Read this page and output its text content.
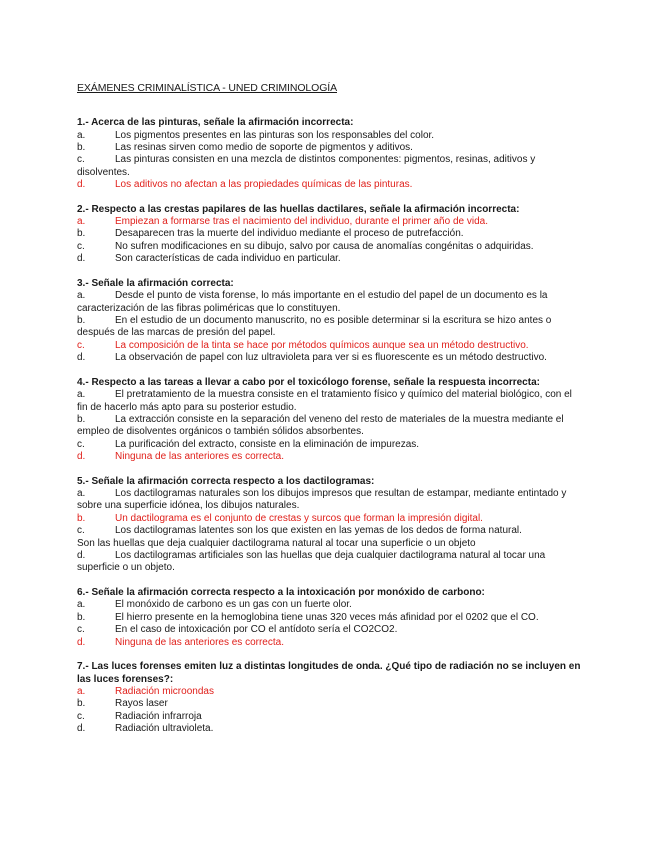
EXÁMENES CRIMINALÍSTICA - UNED CRIMINOLOGÍA
1.- Acerca de las pinturas, señale la afirmación incorrecta:
a.	Los pigmentos presentes en las pinturas son los responsables del color.
b.	Las resinas sirven como medio de soporte de pigmentos y aditivos.
c.	Las pinturas consisten en una mezcla de distintos componentes: pigmentos, resinas, aditivos y disolventes.
d.	Los aditivos no afectan a las propiedades químicas de las pinturas.
2.- Respecto a las crestas papilares de las huellas dactilares, señale la afirmación incorrecta:
a.	Empiezan a formarse tras el nacimiento del individuo, durante el primer año de vida.
b.	Desaparecen tras la muerte del individuo mediante el proceso de putrefacción.
c.	No sufren modificaciones en su dibujo, salvo por causa de anomalías congénitas o adquiridas.
d.	Son características de cada individuo en particular.
3.- Señale la afirmación correcta:
a.	Desde el punto de vista forense, lo más importante en el estudio del papel de un documento es la caracterización de las fibras poliméricas que lo constituyen.
b.	En el estudio de un documento manuscrito, no es posible determinar si la escritura se hizo antes o después de las marcas de presión del papel.
c.	La composición de la tinta se hace por métodos químicos aunque sea un método destructivo.
d.	La observación de papel con luz ultravioleta para ver si es fluorescente es un método destructivo.
4.- Respecto a las tareas a llevar a cabo por el toxicólogo forense, señale la respuesta incorrecta:
a.	El pretratamiento de la muestra consiste en el tratamiento físico y químico del material biológico, con el fin de hacerlo más apto para su posterior estudio.
b.	La extracción consiste en la separación del veneno del resto de materiales de la muestra mediante el empleo de disolventes orgánicos o también sólidos absorbentes.
c.	La purificación del extracto, consiste en la eliminación de impurezas.
d.	Ninguna de las anteriores es correcta.
5.- Señale la afirmación correcta respecto a los dactilogramas:
a.	Los dactilogramas naturales son los dibujos impresos que resultan de estampar, mediante entintado y sobre una superficie idónea, los dibujos naturales.
b.	Un dactilograma es el conjunto de crestas y surcos que forman la impresión digital.
c.	Los dactilogramas latentes son los que existen en las yemas de los dedos de forma natural.
Son las huellas que deja cualquier dactilograma natural al tocar una superficie o un objeto
d.	Los dactilogramas artificiales son las huellas que deja cualquier dactilograma natural al tocar una superficie o un objeto.
6.- Señale la afirmación correcta respecto a la intoxicación por monóxido de carbono:
a.	El monóxido de carbono es un gas con un fuerte olor.
b.	El hierro presente en la hemoglobina tiene unas 320 veces más afinidad por el 0202 que el CO.
c.	En el caso de intoxicación por CO el antídoto sería el CO2CO2.
d.	Ninguna de las anteriores es correcta.
7.- Las luces forenses emiten luz a distintas longitudes de onda. ¿Qué tipo de radiación no se incluyen en las luces forenses?:
a.	Radiación microondas
b.	Rayos laser
c.	Radiación infrarroja
d.	Radiación ultravioleta.
